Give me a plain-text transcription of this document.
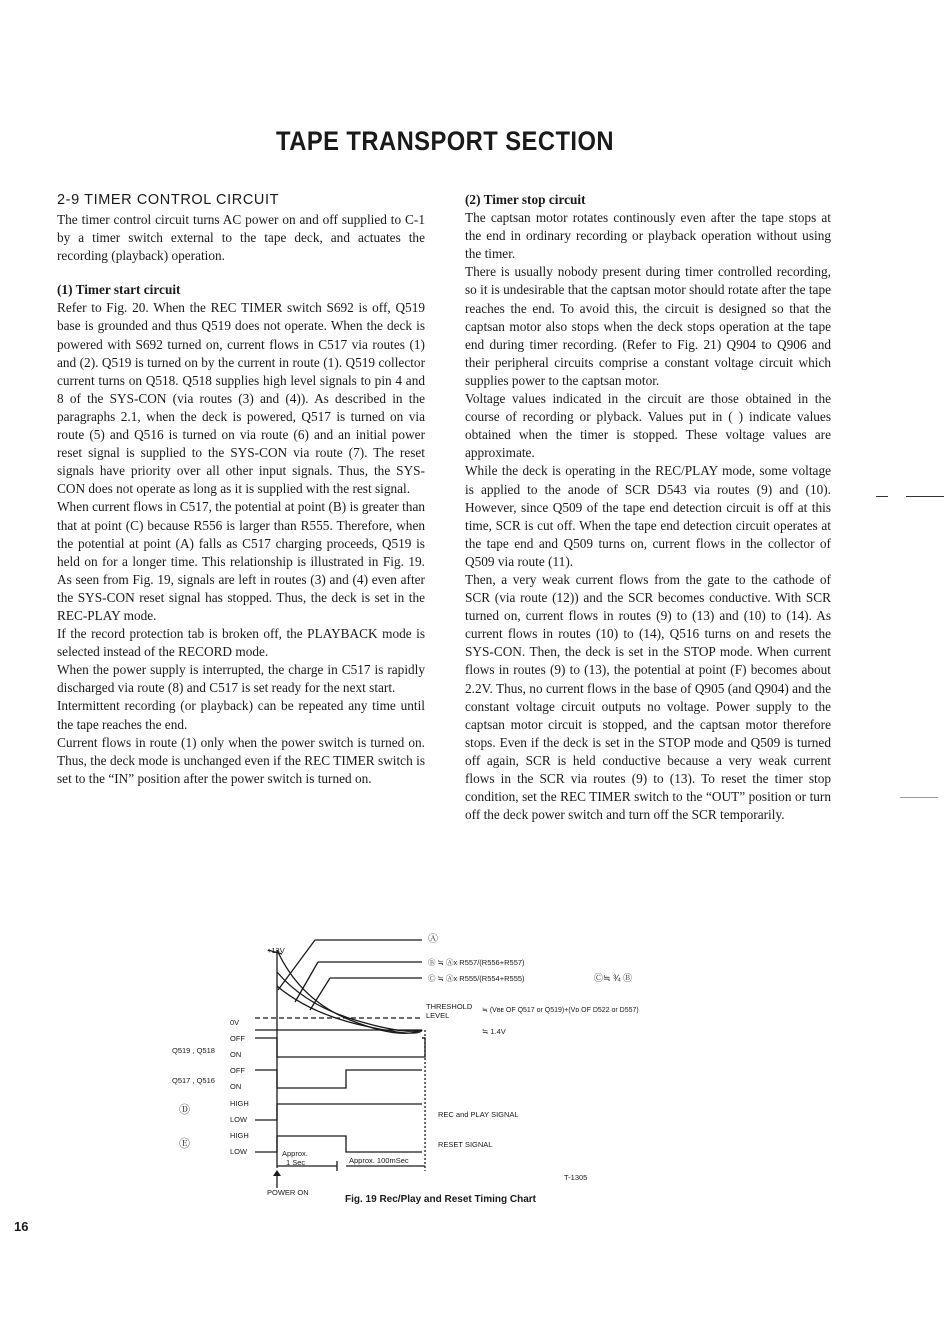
TAPE TRANSPORT SECTION
2-9 TIMER CONTROL CIRCUIT

The timer control circuit turns AC power on and off supplied to C-1 by a timer switch external to the tape deck, and actuates the recording (playback) operation.

(1) Timer start circuit

Refer to Fig. 20. When the REC TIMER switch S692 is off, Q519 base is grounded and thus Q519 does not operate. When the deck is powered with S692 turned on, current flows in C517 via routes (1) and (2). Q519 is turned on by the current in route (1). Q519 collector current turns on Q518. Q518 supplies high level signals to pin 4 and 8 of the SYS-CON (via routes (3) and (4)). As described in the paragraphs 2.1, when the deck is powered, Q517 is turned on via route (5) and Q516 is turned on via route (6) and an initial power reset signal is supplied to the SYS-CON via route (7). The reset signals have priority over all other input signals. Thus, the SYS-CON does not operate as long as it is supplied with the rest signal.

When current flows in C517, the potential at point (B) is greater than that at point (C) because R556 is larger than R555. Therefore, when the potential at point (A) falls as C517 charging proceeds, Q519 is held on for a longer time. This relationship is illustrated in Fig. 19. As seen from Fig. 19, signals are left in routes (3) and (4) even after the SYS-CON reset signal has stopped. Thus, the deck is set in the REC-PLAY mode.

If the record protection tab is broken off, the PLAYBACK mode is selected instead of the RECORD mode.

When the power supply is interrupted, the charge in C517 is rapidly discharged via route (8) and C517 is set ready for the next start.

Intermittent recording (or playback) can be repeated any time until the tape reaches the end.

Current flows in route (1) only when the power switch is turned on. Thus, the deck mode is unchanged even if the REC TIMER switch is set to the “IN” position after the power switch is turned on.

(2) Timer stop circuit

The captsan motor rotates continously even after the tape stops at the end in ordinary recording or playback operation without using the timer.

There is usually nobody present during timer controlled recording, so it is undesirable that the captsan motor should rotate after the tape reaches the end. To avoid this, the circuit is designed so that the captsan motor also stops when the deck stops operation at the tape end during timer recording. (Refer to Fig. 21) Q904 to Q906 and their peripheral circuits comprise a constant voltage circuit which supplies power to the captsan motor.

Voltage values indicated in the circuit are those obtained in the course of recording or plyback. Values put in ( ) indicate values obtained when the timer is stopped. These voltage values are approximate.

While the deck is operating in the REC/PLAY mode, some voltage is applied to the anode of SCR D543 via routes (9) and (10). However, since Q509 of the tape end detection circuit is off at this time, SCR is cut off. When the tape end detection circuit operates at the tape end and Q509 turns on, current flows in the collector of Q509 via route (11).

Then, a very weak current flows from the gate to the cathode of SCR (via route (12)) and the SCR becomes conductive. With SCR turned on, current flows in routes (9) to (13) and (10) to (14). As current flows in routes (10) to (14), Q516 turns on and resets the SYS-CON. Then, the deck is set in the STOP mode. When current flows in routes (9) to (13), the potential at point (F) becomes about 2.2V. Thus, no current flows in the base of Q905 (and Q904) and the constant voltage circuit outputs no voltage. Power supply to the captsan motor circuit is stopped, and the captsan motor therefore stops. Even if the deck is set in the STOP mode and Q509 is turned off again, SCR is held conductive because a very weak current flows in the SCR via routes (9) to (13). To reset the timer stop condition, set the REC TIMER switch to the “OUT” position or turn off the deck power switch and turn off the SCR temporarily.

+13V
Ⓐ
Ⓑ ≒ Ⓐx R557/(R556+R557)
Ⓒ ≒ Ⓐx R555/(R554+R555)	Ⓒ≒ ¾ Ⓑ
THRESHOLD
LEVEL
≒ (Vʙᴇ OF Q517 or Q519)+(Vᴅ OF D522 or D557)
≒ 1.4V
0V
OFF
ON
Q519 , Q518
OFF
ON
Q517 , Q516
HIGH
LOW
Ⓓ	REC and PLAY SIGNAL
HIGH
LOW
Ⓔ	RESET SIGNAL
Approx.
1 Sec	Approx. 100mSec
POWER ON
T-1305
Fig. 19 Rec/Play and Reset Timing Chart
16
